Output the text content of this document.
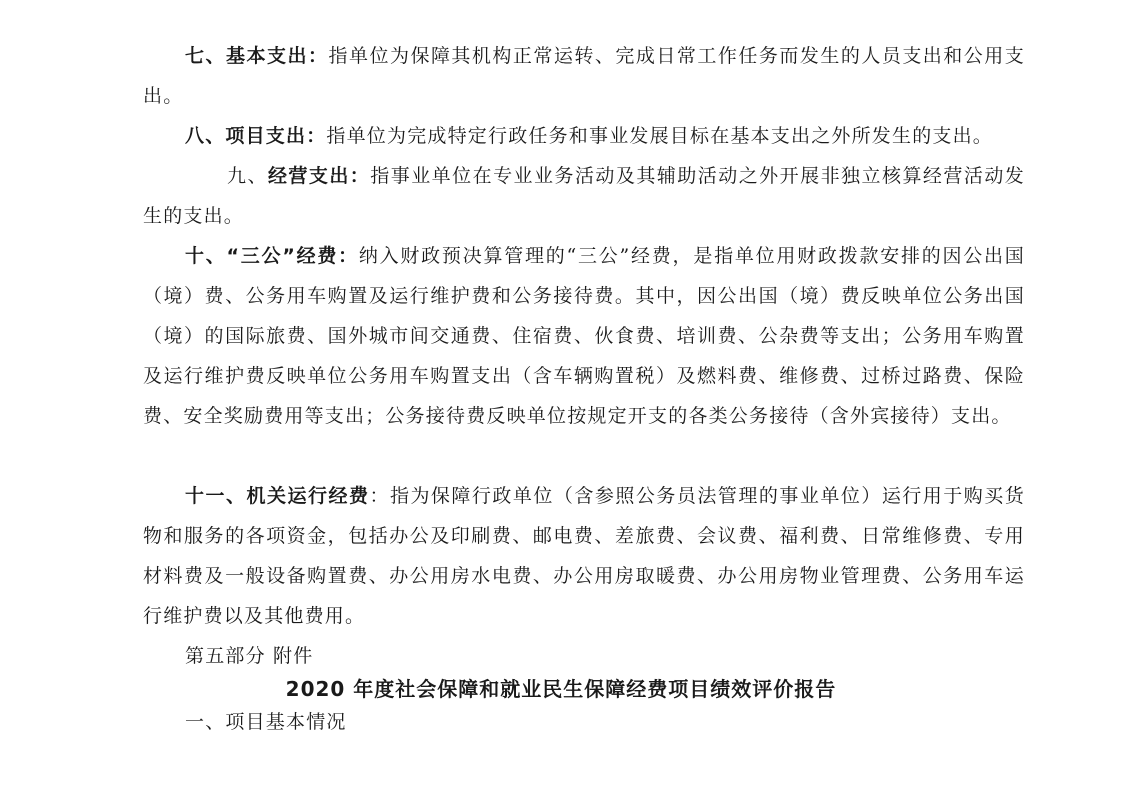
七、基本支出：指单位为保障其机构正常运转、完成日常工作任务而发生的人员支出和公用支出。

八、项目支出：指单位为完成特定行政任务和事业发展目标在基本支出之外所发生的支出。

九、经营支出：指事业单位在专业业务活动及其辅助活动之外开展非独立核算经营活动发生的支出。

十、“三公”经费：纳入财政预决算管理的“三公”经费，是指单位用财政拨款安排的因公出国（境）费、公务用车购置及运行维护费和公务接待费。其中，因公出国（境）费反映单位公务出国（境）的国际旅费、国外城市间交通费、住宿费、伙食费、培训费、公杂费等支出；公务用车购置及运行维护费反映单位公务用车购置支出（含车辆购置税）及燃料费、维修费、过桥过路费、保险费、安全奖励费用等支出；公务接待费反映单位按规定开支的各类公务接待（含外宾接待）支出。

十一、机关运行经费：指为保障行政单位（含参照公务员法管理的事业单位）运行用于购买货物和服务的各项资金，包括办公及印刷费、邮电费、差旅费、会议费、福利费、日常维修费、专用材料费及一般设备购置费、办公用房水电费、办公用房取暖费、办公用房物业管理费、公务用车运行维护费以及其他费用。

第五部分 附件

2020 年度社会保障和就业民生保障经费项目绩效评价报告

一、项目基本情况
